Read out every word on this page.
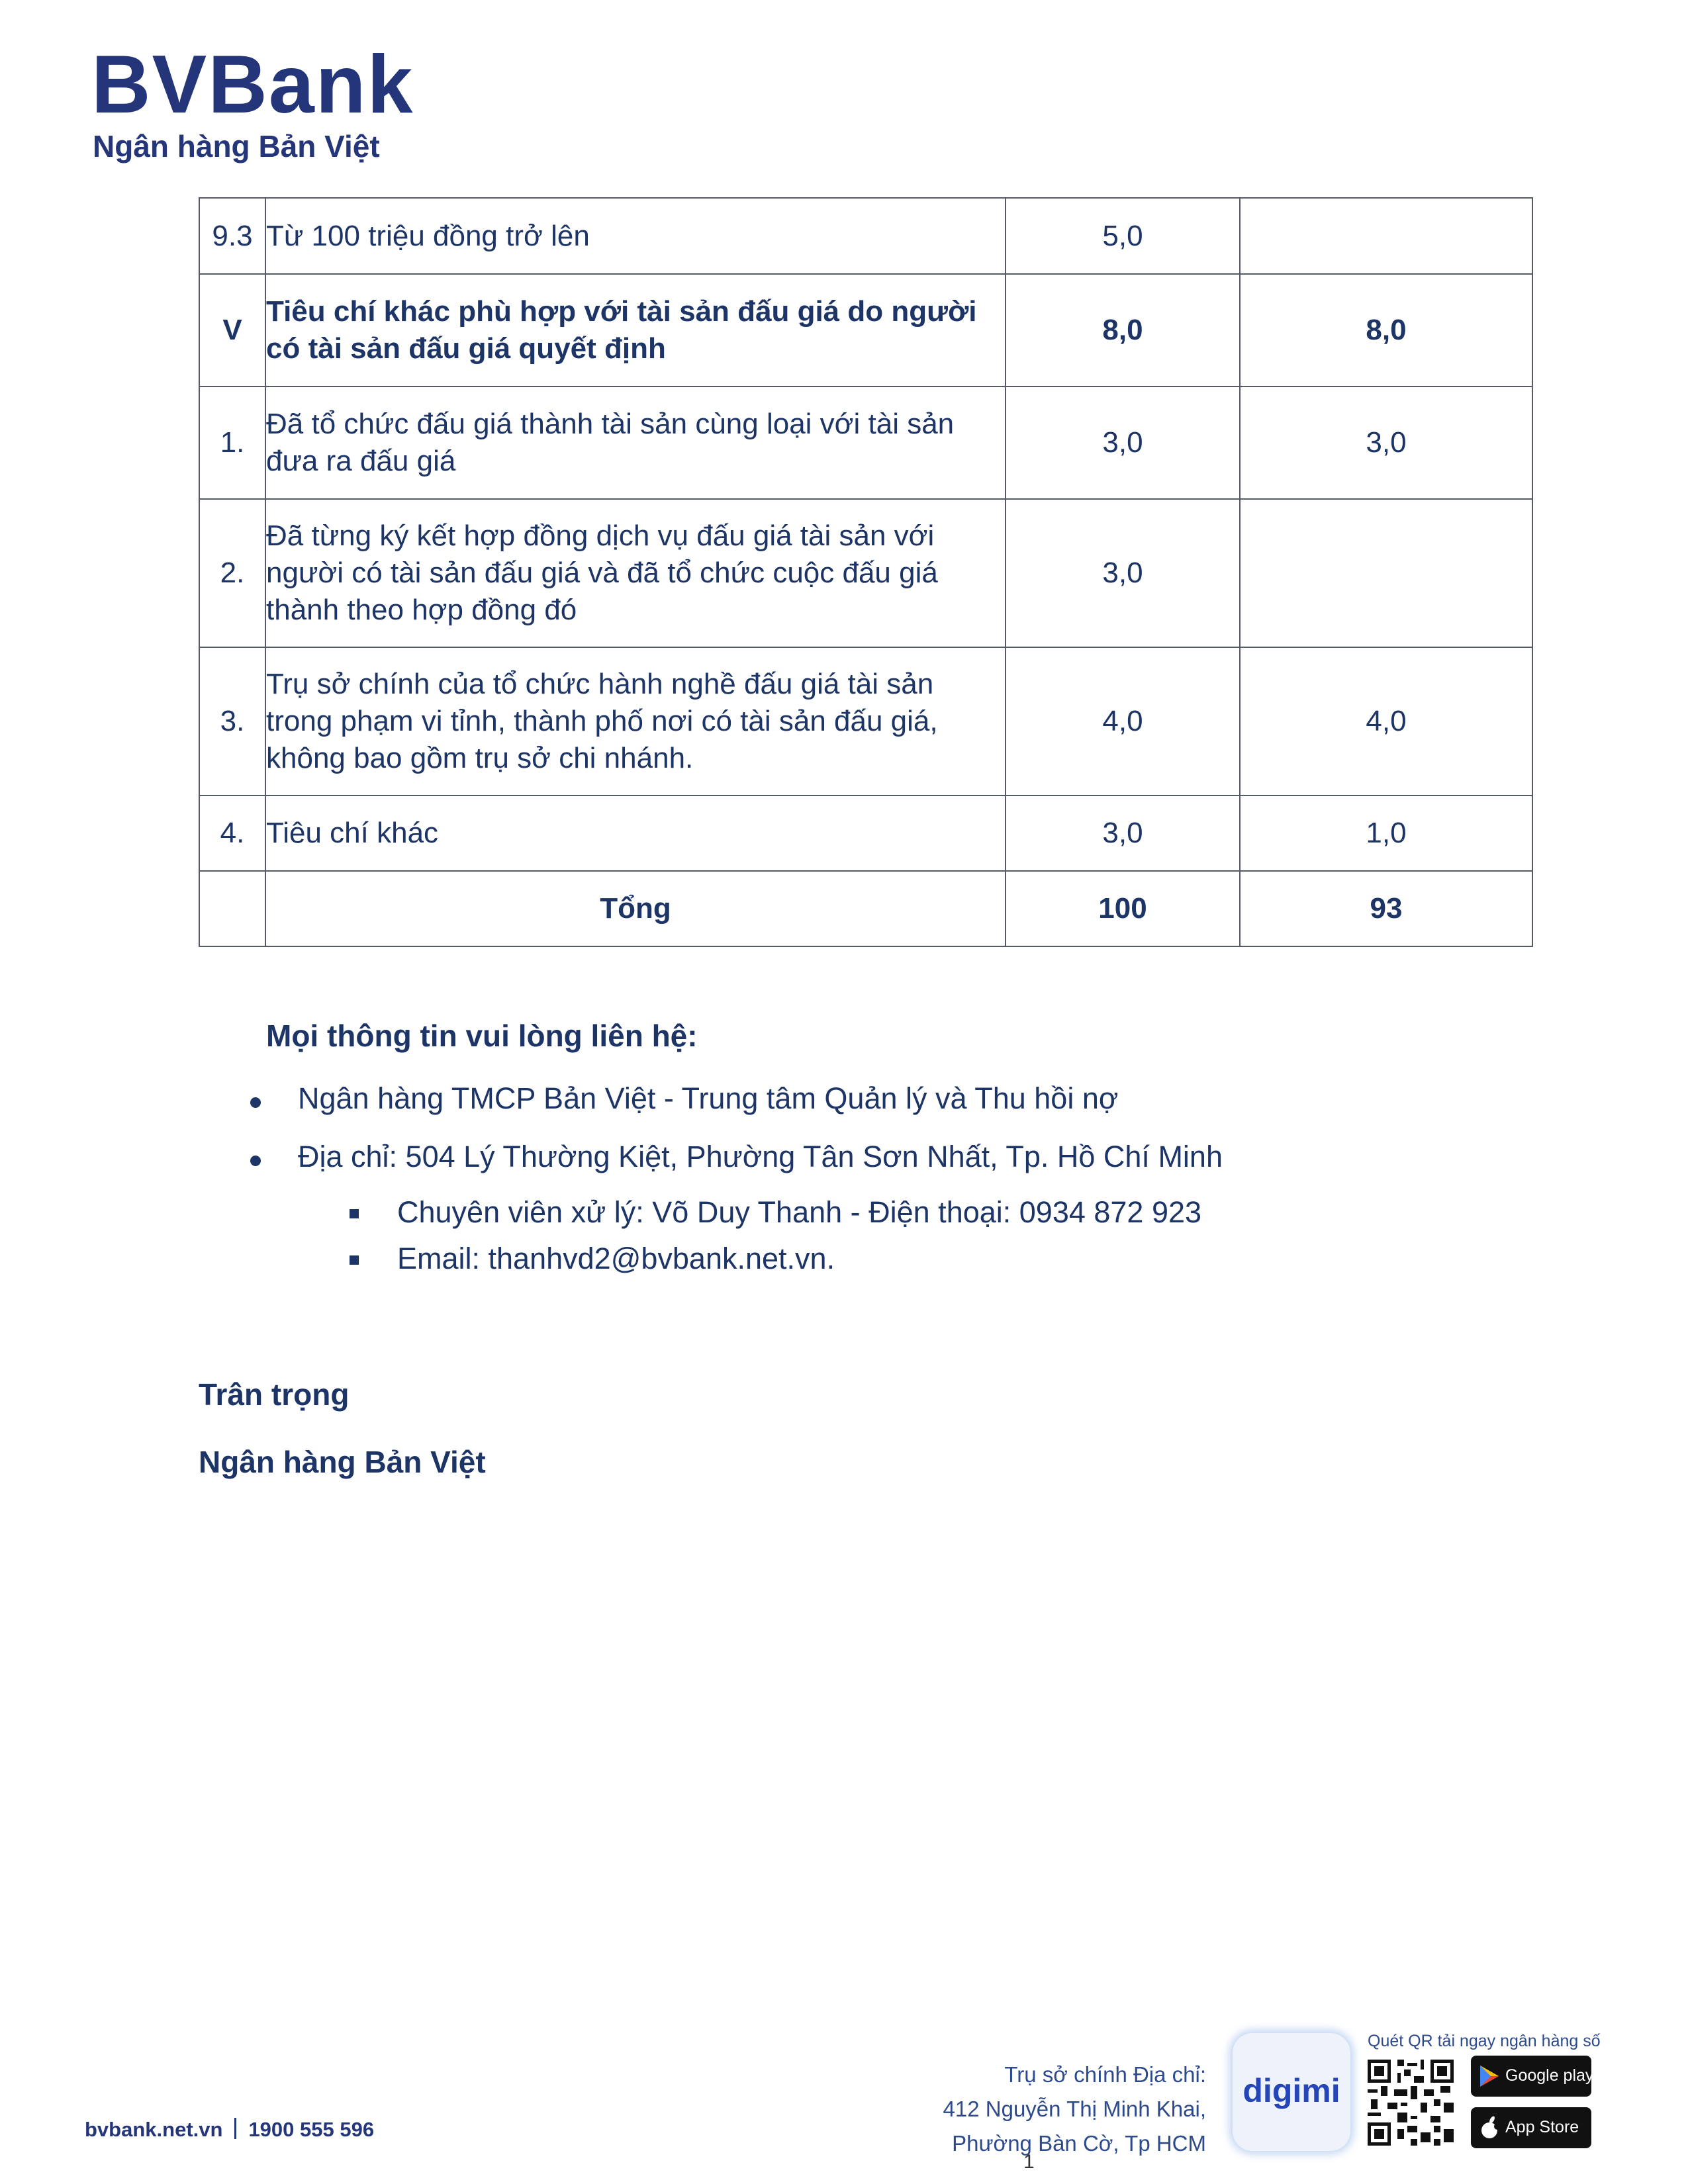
BVBank
Ngân hàng Bản Việt
9.3	Từ 100 triệu đồng trở lên	5,0	
V	Tiêu chí khác phù hợp với tài sản đấu giá do người có tài sản đấu giá quyết định	8,0	8,0
1.	Đã tổ chức đấu giá thành tài sản cùng loại với tài sản đưa ra đấu giá	3,0	3,0
2.	Đã từng ký kết hợp đồng dịch vụ đấu giá tài sản với người có tài sản đấu giá và đã tổ chức cuộc đấu giá thành theo hợp đồng đó	3,0	
3.	Trụ sở chính của tổ chức hành nghề đấu giá tài sản trong phạm vi tỉnh, thành phố nơi có tài sản đấu giá, không bao gồm trụ sở chi nhánh.	4,0	4,0
4.	Tiêu chí khác	3,0	1,0
	Tổng	100	93
Mọi thông tin vui lòng liên hệ:
Ngân hàng TMCP Bản Việt - Trung tâm Quản lý và Thu hồi nợ
Địa chỉ: 504 Lý Thường Kiệt, Phường Tân Sơn Nhất, Tp. Hồ Chí Minh
Chuyên viên xử lý: Võ Duy Thanh - Điện thoại: 0934 872 923
Email: thanhvd2@bvbank.net.vn.
Trân trọng
Ngân hàng Bản Việt
bvbank.net.vn 1900 555 596
Trụ sở chính Địa chỉ:
412 Nguyễn Thị Minh Khai,
Phường Bàn Cờ, Tp HCM
digimi
Quét QR tải ngay ngân hàng số
Google play
App Store
1
